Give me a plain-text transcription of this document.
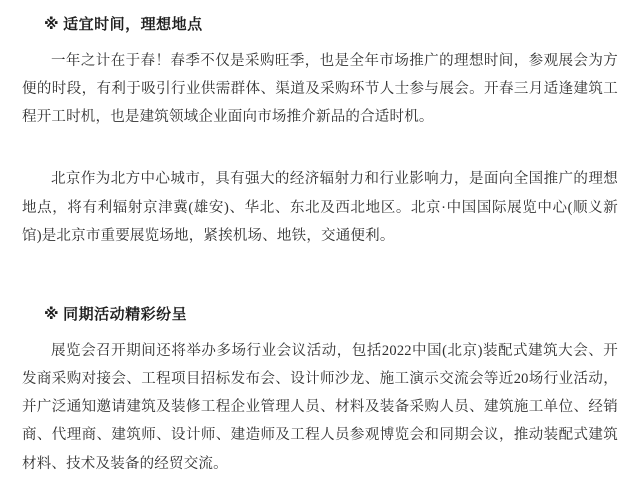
※ 适宜时间，理想地点

一年之计在于春！春季不仅是采购旺季，也是全年市场推广的理想时间，参观展会为方便的时段，有利于吸引行业供需群体、渠道及采购环节人士参与展会。开春三月适逢建筑工程开工时机，也是建筑领域企业面向市场推介新品的合适时机。

北京作为北方中心城市，具有强大的经济辐射力和行业影响力，是面向全国推广的理想地点，将有利辐射京津冀(雄安)、华北、东北及西北地区。北京·中国国际展览中心(顺义新馆)是北京市重要展览场地，紧挨机场、地铁，交通便利。

※ 同期活动精彩纷呈

展览会召开期间还将举办多场行业会议活动，包括2022中国(北京)装配式建筑大会、开发商采购对接会、工程项目招标发布会、设计师沙龙、施工演示交流会等近20场行业活动，并广泛通知邀请建筑及装修工程企业管理人员、材料及装备采购人员、建筑施工单位、经销商、代理商、建筑师、设计师、建造师及工程人员参观博览会和同期会议，推动装配式建筑材料、技术及装备的经贸交流。
